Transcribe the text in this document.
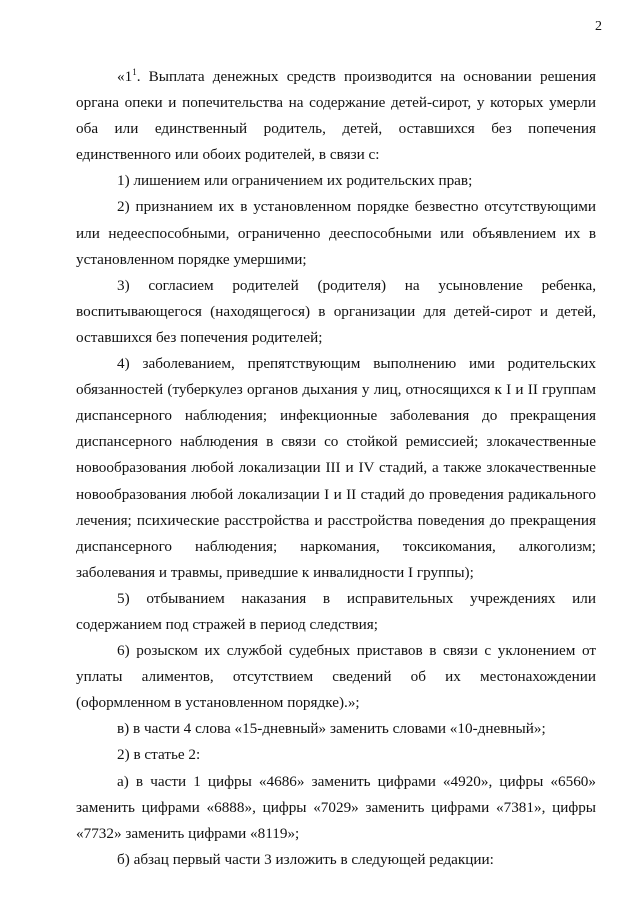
2

«$1^1$. Выплата денежных средств производится на основании решения органа опеки и попечительства на содержание детей-сирот, у которых умерли оба или единственный родитель, детей, оставшихся без попечения единственного или обоих родителей, в связи с:

1) лишением или ограничением их родительских прав;

2) признанием их в установленном порядке безвестно отсутствующими или недееспособными, ограниченно дееспособными или объявлением их в установленном порядке умершими;

3) согласием родителей (родителя) на усыновление ребенка, воспитывающегося (находящегося) в организации для детей-сирот и детей, оставшихся без попечения родителей;

4) заболеванием, препятствующим выполнению ими родительских обязанностей (туберкулез органов дыхания у лиц, относящихся к I и II группам диспансерного наблюдения; инфекционные заболевания до прекращения диспансерного наблюдения в связи со стойкой ремиссией; злокачественные новообразования любой локализации III и IV стадий, а также злокачественные новообразования любой локализации I и II стадий до проведения радикального лечения; психические расстройства и расстройства поведения до прекращения диспансерного наблюдения; наркомания, токсикомания, алкоголизм; заболевания и травмы, приведшие к инвалидности I группы);

5) отбыванием наказания в исправительных учреждениях или содержанием под стражей в период следствия;

6) розыском их службой судебных приставов в связи с уклонением от уплаты алиментов, отсутствием сведений об их местонахождении (оформленном в установленном порядке).»;

в) в части 4 слова «15-дневный» заменить словами «10-дневный»;

2) в статье 2:

а) в части 1 цифры «4686» заменить цифрами «4920», цифры «6560» заменить цифрами «6888», цифры «7029» заменить цифрами «7381», цифры «7732» заменить цифрами «8119»;

б) абзац первый части 3 изложить в следующей редакции:
